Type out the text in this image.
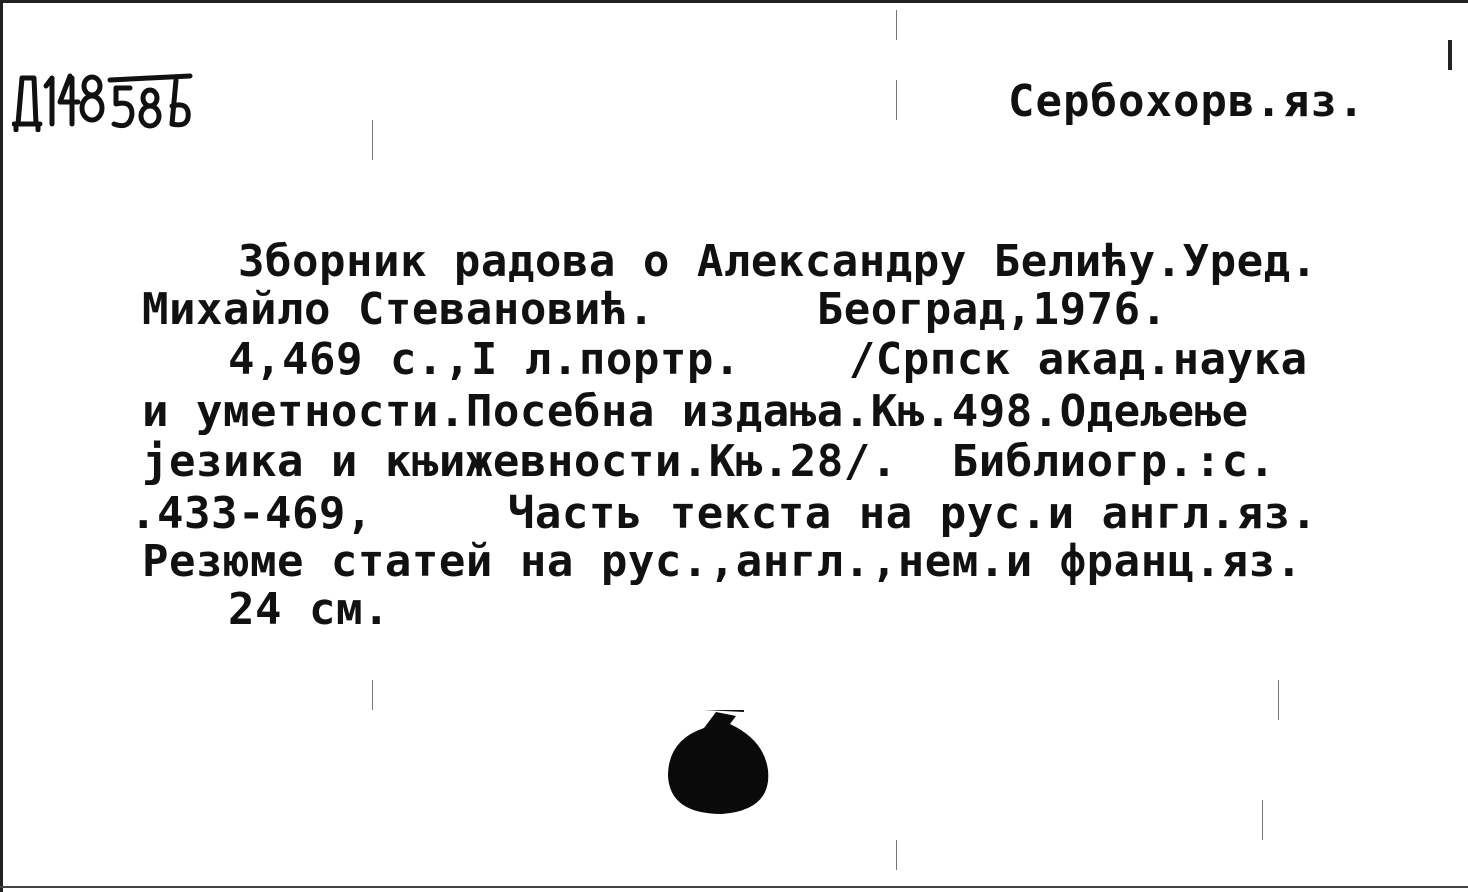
Сербохорв.яз.
Зборник радова о Александру Белићу.Уред.
Михайло Стевановић.      Београд,1976.
4,469 с.,I л.портр.    /Српск акад.наука
и уметности.Посебна издања.Књ.498.Одељење
језика и књижевности.Књ.28/.  Библиогр.:с.
.433-469,     Часть текста на рус.и англ.яз.
Резюме статей на рус.,англ.,нем.и франц.яз.
24 см.
